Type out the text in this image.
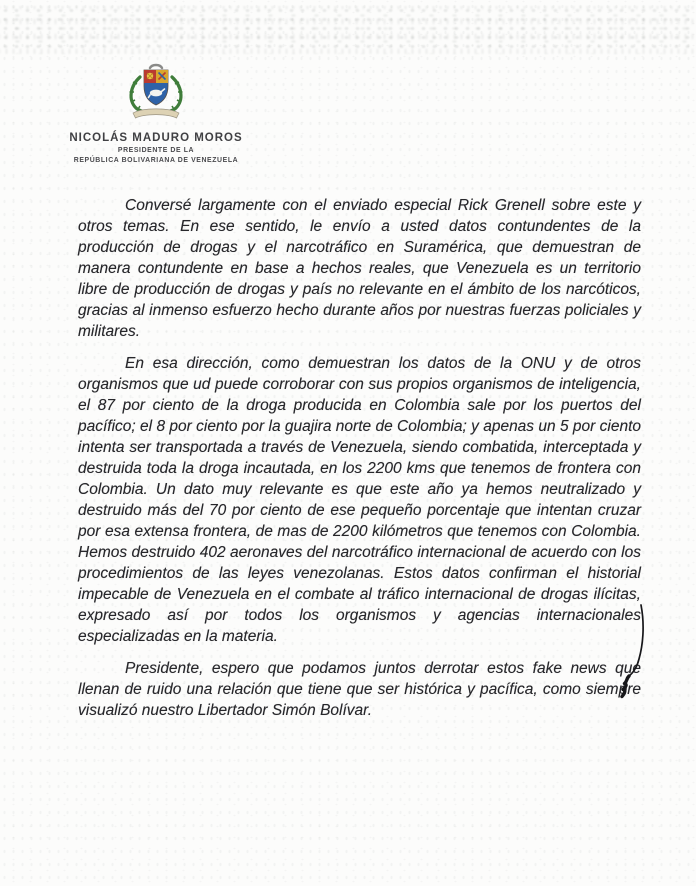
NICOLÁS MADURO MOROS
PRESIDENTE DE LA
REPÚBLICA BOLIVARIANA DE VENEZUELA

Conversé largamente con el enviado especial Rick Grenell sobre este y otros temas. En ese sentido, le envío a usted datos contundentes de la producción de drogas y el narcotráfico en Suramérica, que demuestran de manera contundente en base a hechos reales, que Venezuela es un territorio libre de producción de drogas y país no relevante en el ámbito de los narcóticos, gracias al inmenso esfuerzo hecho durante años por nuestras fuerzas policiales y militares.

En esa dirección, como demuestran los datos de la ONU y de otros organismos que ud puede corroborar con sus propios organismos de inteligencia, el 87 por ciento de la droga producida en Colombia sale por los puertos del pacífico; el 8 por ciento por la guajira norte de Colombia; y apenas un 5 por ciento intenta ser transportada a través de Venezuela, siendo combatida, interceptada y destruida toda la droga incautada, en los 2200 kms que tenemos de frontera con Colombia. Un dato muy relevante es que este año ya hemos neutralizado y destruido más del 70 por ciento de ese pequeño porcentaje que intentan cruzar por esa extensa frontera, de mas de 2200 kilómetros que tenemos con Colombia. Hemos destruido 402 aeronaves del narcotráfico internacional de acuerdo con los procedimientos de las leyes venezolanas. Estos datos confirman el historial impecable de Venezuela en el combate al tráfico internacional de drogas ilícitas, expresado así por todos los organismos y agencias internacionales especializadas en la materia.

Presidente, espero que podamos juntos derrotar estos fake news que llenan de ruido una relación que tiene que ser histórica y pacífica, como siempre visualizó nuestro Libertador Simón Bolívar.
